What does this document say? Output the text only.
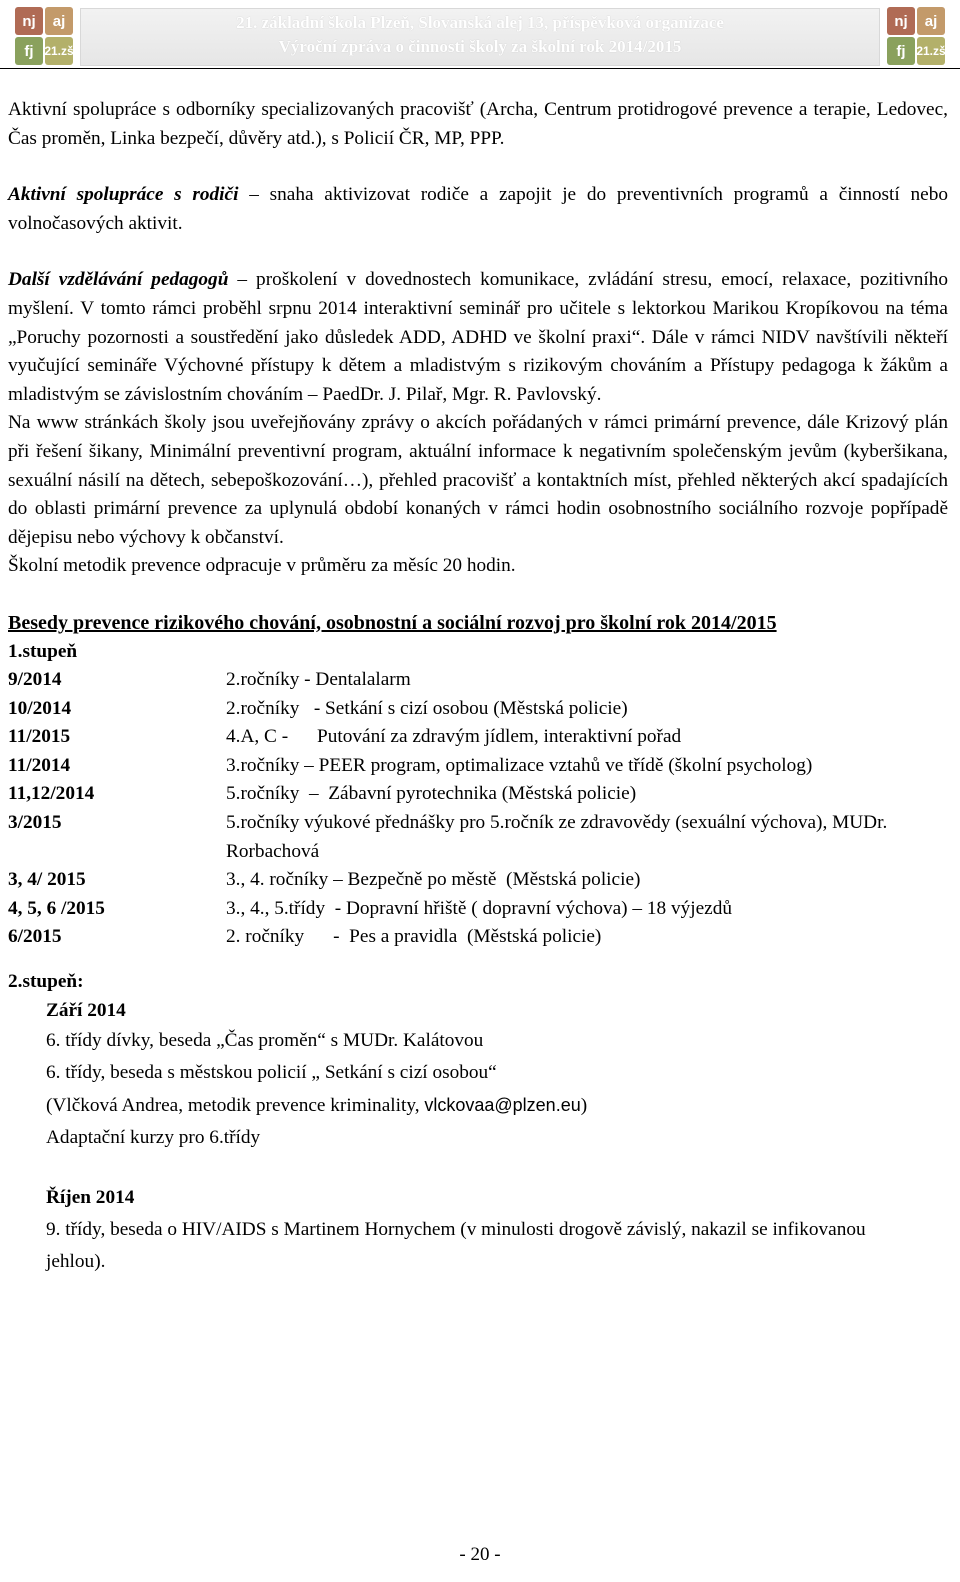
nj	aj
fj 21.zš
21. základní škola Plzeň, Slovanská alej 13, příspěvková organizace
Výroční zpráva o činnosti školy za školní rok 2014/2015
nj	aj
fj 21.zš

Aktivní spolupráce s odborníky specializovaných pracovišť (Archa, Centrum protidrogové prevence a terapie, Ledovec, Čas proměn, Linka bezpečí, důvěry atd.), s Policií ČR, MP, PPP.

Aktivní spolupráce s rodiči – snaha aktivizovat rodiče a zapojit je do preventivních programů a činností nebo volnočasových aktivit.

Další vzdělávání pedagogů – proškolení v dovednostech komunikace, zvládání stresu, emocí, relaxace, pozitivního myšlení. V tomto rámci proběhl srpnu 2014 interaktivní seminář pro učitele s lektorkou Marikou Kropíkovou na téma „Poruchy pozornosti a soustředění jako důsledek ADD, ADHD ve školní praxi“. Dále v rámci NIDV navštívili někteří vyučující semináře Výchovné přístupy k dětem a mladistvým s rizikovým chováním a Přístupy pedagoga k žákům a mladistvým se závislostním chováním – PaedDr. J. Pilař, Mgr. R. Pavlovský.

Na www stránkách školy jsou uveřejňovány zprávy o akcích pořádaných v rámci primární prevence, dále Krizový plán při řešení šikany, Minimální preventivní program, aktuální informace k negativním společenským jevům (kyberšikana, sexuální násilí na dětech, sebepoškozování…), přehled pracovišť a kontaktních míst, přehled některých akcí spadajících do oblasti primární prevence za uplynulá období konaných v rámci hodin osobnostního sociálního rozvoje popřípadě dějepisu nebo výchovy k občanství.

Školní metodik prevence odpracuje v průměru za měsíc 20 hodin.

Besedy prevence rizikového chování, osobnostní a sociální rozvoj pro školní rok 2014/2015

1.stupeň

9/2014	2.ročníky - Dentalalarm
10/2014	2.ročníky   - Setkání s cizí osobou (Městská policie)
11/2015	4.A, C -      Putování za zdravým jídlem, interaktivní pořad
11/2014	3.ročníky – PEER program, optimalizace vztahů ve třídě (školní psycholog)
11,12/2014	5.ročníky  –  Zábavní pyrotechnika (Městská policie)
3/2015	5.ročníky výukové přednášky pro 5.ročník ze zdravovědy (sexuální výchova), MUDr. Rorbachová
3, 4/ 2015	3., 4. ročníky – Bezpečně po městě  (Městská policie)
4, 5, 6 /2015	3., 4., 5.třídy  - Dopravní hřiště ( dopravní výchova) – 18 výjezdů
6/2015	2. ročníky      -  Pes a pravidla  (Městská policie)

2.stupeň:

Září 2014

6. třídy dívky, beseda „Čas proměn“ s MUDr. Kalátovou

6. třídy, beseda s městskou policií „ Setkání s cizí osobou“

(Vlčková Andrea, metodik prevence kriminality, vlckovaa@plzen.eu)

Adaptační kurzy pro 6.třídy

Říjen 2014

9. třídy, beseda o HIV/AIDS s Martinem Hornychem (v minulosti drogově závislý, nakazil se infikovanou jehlou).

- 20 -
